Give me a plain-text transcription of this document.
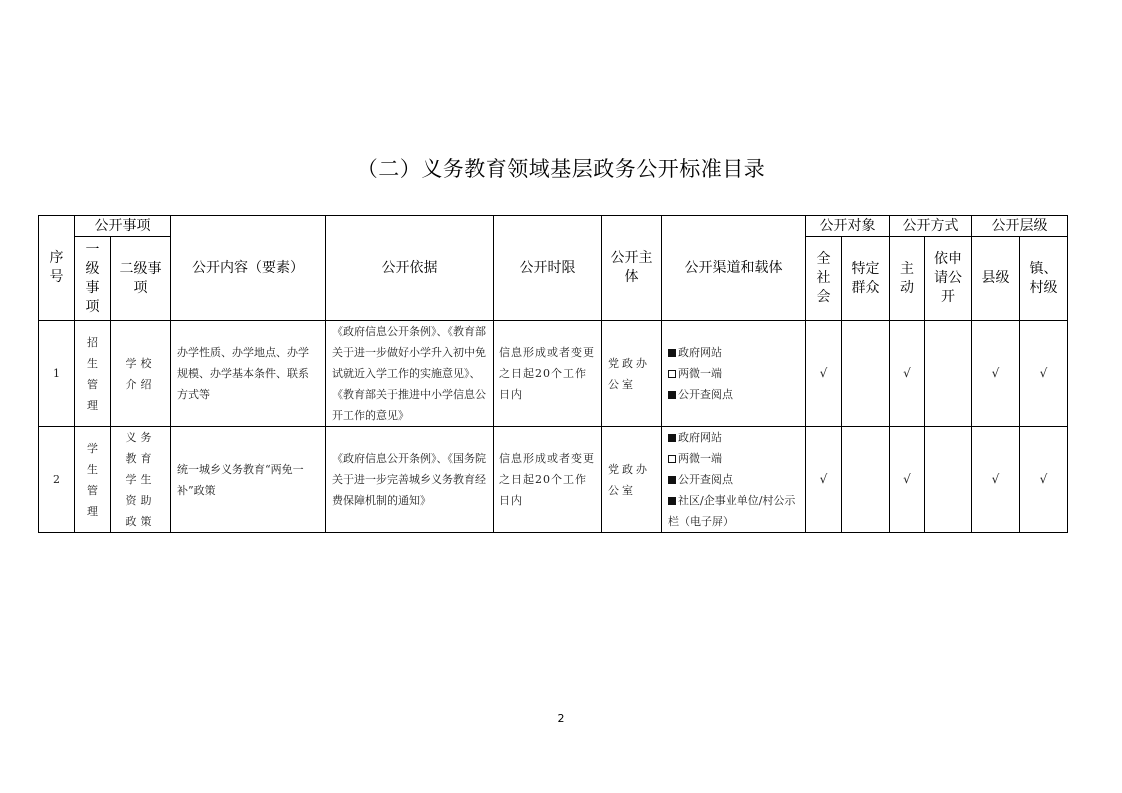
（二）义务教育领域基层政务公开标准目录
序号	公开事项		公开内容（要素）	公开依据	公开时限	公开主体	公开渠道和载体	公开对象		公开方式		公开层级	

	一级事项	二级事项						全社会	特定群众	主动	依申请公开	县级	镇、村级

1	招生管理	学校介绍	办学性质、办学地点、办学规模、办学基本条件、联系方式等	《政府信息公开条例》、《教育部关于进一步做好小学升入初中免试就近入学工作的实施意见》、《教育部关于推进中小学信息公开工作的意见》	信息形成或者变更之日起20个工作日内	党政办公室	政府网站
两微一端
公开查阅点	√		√		√	√
2	学生管理	义务教育学生资助政策	统一城乡义务教育“两免一补”政策	《政府信息公开条例》、《国务院关于进一步完善城乡义务教育经费保障机制的通知》	信息形成或者变更之日起20个工作日内	党政办公室	政府网站
两微一端
公开查阅点
社区/企事业单位/村公示栏（电子屏）	√		√		√	√
2
